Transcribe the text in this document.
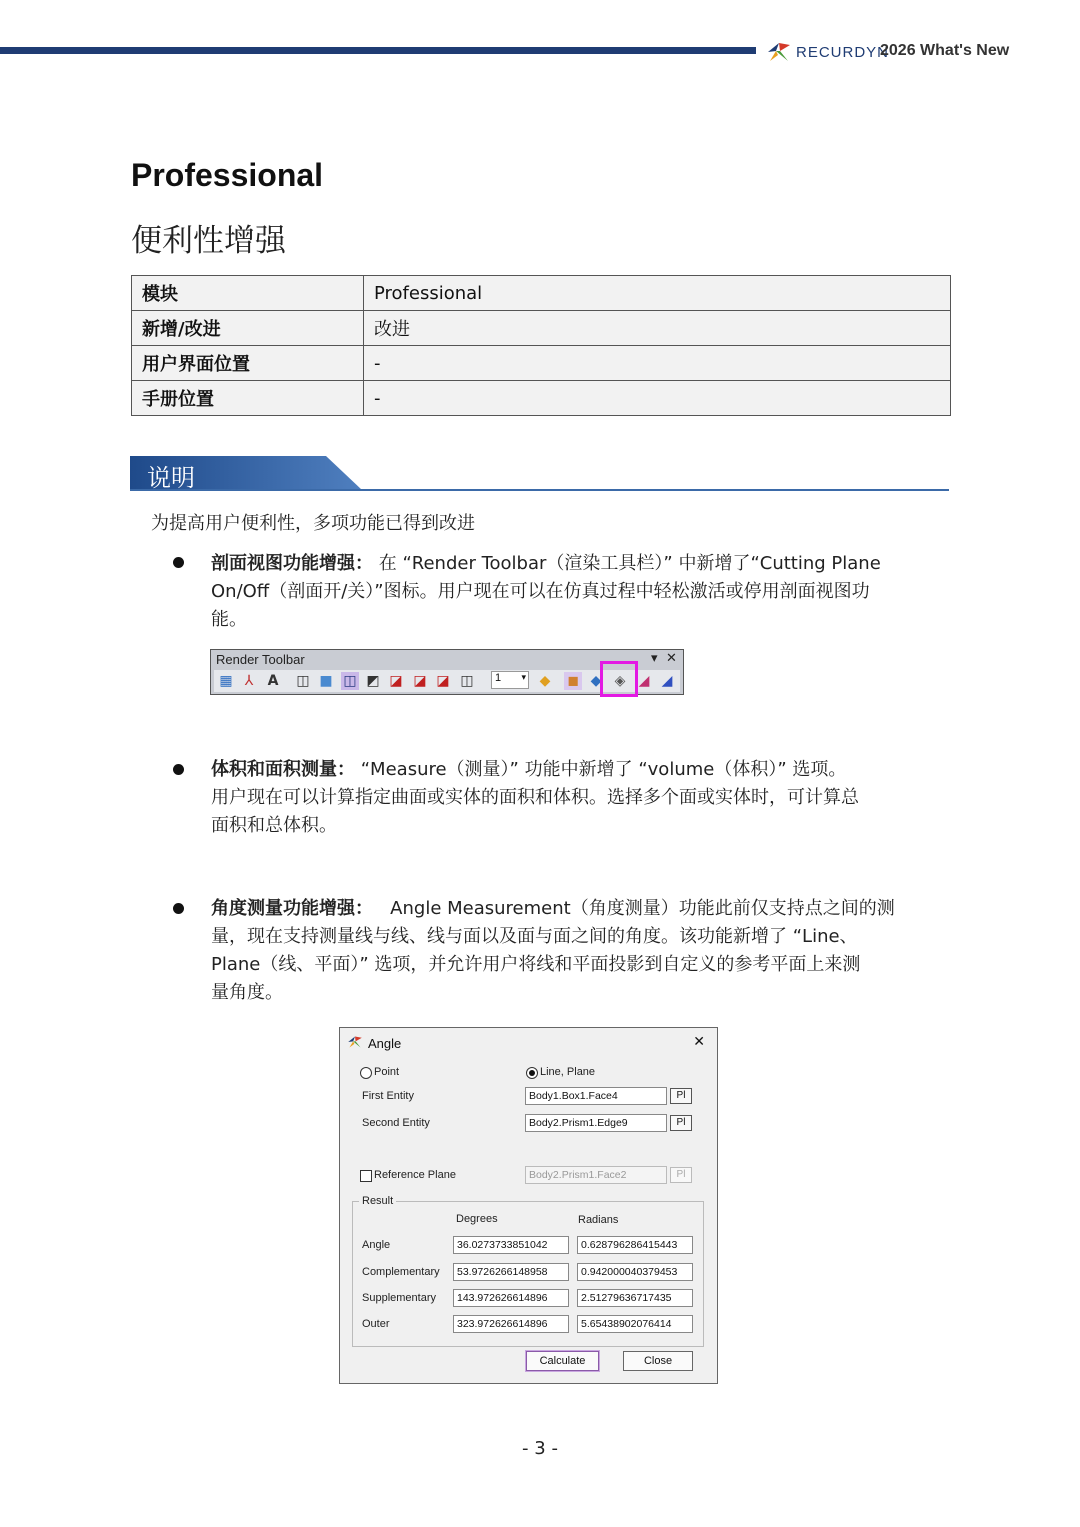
RECURDYN
2026 What's New
Professional
便利性增强
模块	Professional
新增/改进	改进
用户界面位置	-
手册位置	-
说明
为提高用户便利性，多项功能已得到改进
剖面视图功能增强： 在 “Render Toolbar（渲染工具栏）” 中新增了“Cutting Plane
On/Off（剖面开/关）”图标。用户现在可以在仿真过程中轻松激活或停用剖面视图功
能。
Render Toolbar	▾ ✕
▦ ⅄	A ◫ ■ ◫ ◩ ◪ ◪ ◪ ◫	1 ▾ ◆ ◼ ◆ ◈ ◢ ◢
体积和面积测量： “Measure（测量）” 功能中新增了 “volume（体积）” 选项。
用户现在可以计算指定曲面或实体的面积和体积。选择多个面或实体时，可计算总
面积和总体积。
角度测量功能增强： Angle Measurement（角度测量）功能此前仅支持点之间的测
量，现在支持测量线与线、线与面以及面与面之间的角度。该功能新增了 “Line、
Plane（线、平面）” 选项，并允许用户将线和平面投影到自定义的参考平面上来测
量角度。
Angle	✕
Point	Line, Plane
First Entity	Body1.Box1.Face4	Pl
Second Entity	Body2.Prism1.Edge9	Pl
Reference Plane	Body2.Prism1.Face2	Pl
Result
Degrees	Radians
Angle	36.0273733851042	0.628796286415443
Complementary	53.9726266148958	0.942000040379453
Supplementary	143.972626614896	2.51279636717435
Outer	323.972626614896	5.65438902076414
Calculate	Close
- 3 -
